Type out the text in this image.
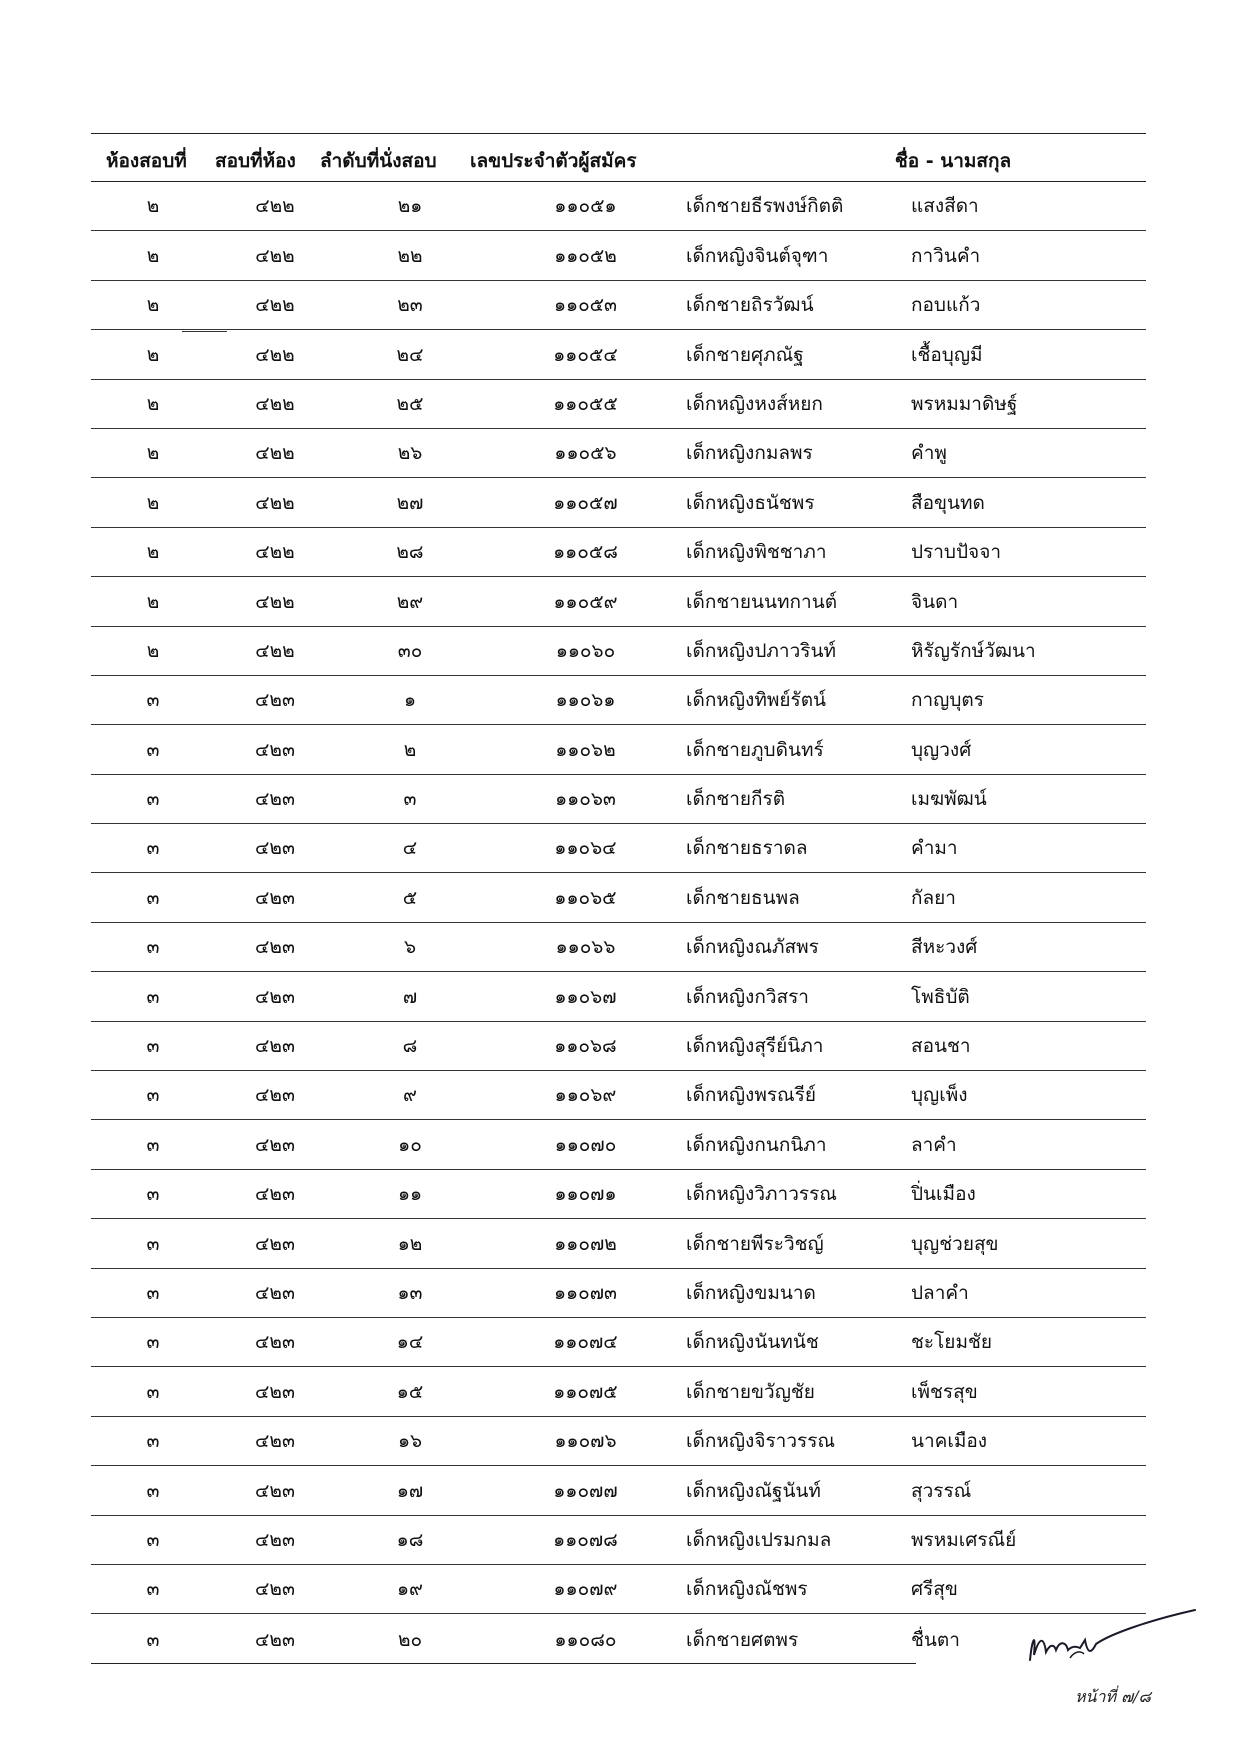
ห้องสอบที่	สอบที่ห้อง	ลำดับที่นั่งสอบ	เลขประจำตัวผู้สมัคร	ชื่อ - นามสกุล
๒	๔๒๒	๒๑	๑๑๐๕๑	เด็กชายธีรพงษ์กิตติ	แสงสีดา
๒	๔๒๒	๒๒	๑๑๐๕๒	เด็กหญิงจินต์จุฑา	กาวินคำ
๒	๔๒๒	๒๓	๑๑๐๕๓	เด็กชายถิรวัฒน์	กอบแก้ว
๒	๔๒๒	๒๔	๑๑๐๕๔	เด็กชายศุภณัฐ	เชื้อบุญมี
๒	๔๒๒	๒๕	๑๑๐๕๕	เด็กหญิงหงส์หยก	พรหมมาดิษฐ์
๒	๔๒๒	๒๖	๑๑๐๕๖	เด็กหญิงกมลพร	คำพู
๒	๔๒๒	๒๗	๑๑๐๕๗	เด็กหญิงธนัชพร	สือขุนทด
๒	๔๒๒	๒๘	๑๑๐๕๘	เด็กหญิงพิชชาภา	ปราบปัจจา
๒	๔๒๒	๒๙	๑๑๐๕๙	เด็กชายนนทกานต์	จินดา
๒	๔๒๒	๓๐	๑๑๐๖๐	เด็กหญิงปภาวรินท์	หิรัญรักษ์วัฒนา
๓	๔๒๓	๑	๑๑๐๖๑	เด็กหญิงทิพย์รัตน์	กาญบุตร
๓	๔๒๓	๒	๑๑๐๖๒	เด็กชายภูบดินทร์	บุญวงศ์
๓	๔๒๓	๓	๑๑๐๖๓	เด็กชายกีรติ	เมฆพัฒน์
๓	๔๒๓	๔	๑๑๐๖๔	เด็กชายธราดล	คำมา
๓	๔๒๓	๕	๑๑๐๖๕	เด็กชายธนพล	กัลยา
๓	๔๒๓	๖	๑๑๐๖๖	เด็กหญิงณภัสพร	สีหะวงศ์
๓	๔๒๓	๗	๑๑๐๖๗	เด็กหญิงกวิสรา	โพธิบัติ
๓	๔๒๓	๘	๑๑๐๖๘	เด็กหญิงสุรีย์นิภา	สอนชา
๓	๔๒๓	๙	๑๑๐๖๙	เด็กหญิงพรณรีย์	บุญเพ็ง
๓	๔๒๓	๑๐	๑๑๐๗๐	เด็กหญิงกนกนิภา	ลาคำ
๓	๔๒๓	๑๑	๑๑๐๗๑	เด็กหญิงวิภาวรรณ	ปิ่นเมือง
๓	๔๒๓	๑๒	๑๑๐๗๒	เด็กชายพีระวิชญ์	บุญช่วยสุข
๓	๔๒๓	๑๓	๑๑๐๗๓	เด็กหญิงขมนาด	ปลาคำ
๓	๔๒๓	๑๔	๑๑๐๗๔	เด็กหญิงนันทนัช	ชะโยมชัย
๓	๔๒๓	๑๕	๑๑๐๗๕	เด็กชายขวัญชัย	เพ็ชรสุข
๓	๔๒๓	๑๖	๑๑๐๗๖	เด็กหญิงจิราวรรณ	นาคเมือง
๓	๔๒๓	๑๗	๑๑๐๗๗	เด็กหญิงณัฐนันท์	สุวรรณ์
๓	๔๒๓	๑๘	๑๑๐๗๘	เด็กหญิงเปรมกมล	พรหมเศรณีย์
๓	๔๒๓	๑๙	๑๑๐๗๙	เด็กหญิงณัชพร	ศรีสุข
๓	๔๒๓	๒๐	๑๑๐๘๐	เด็กชายศตพร	ชื่นตา
หน้าที่ ๗/๘
